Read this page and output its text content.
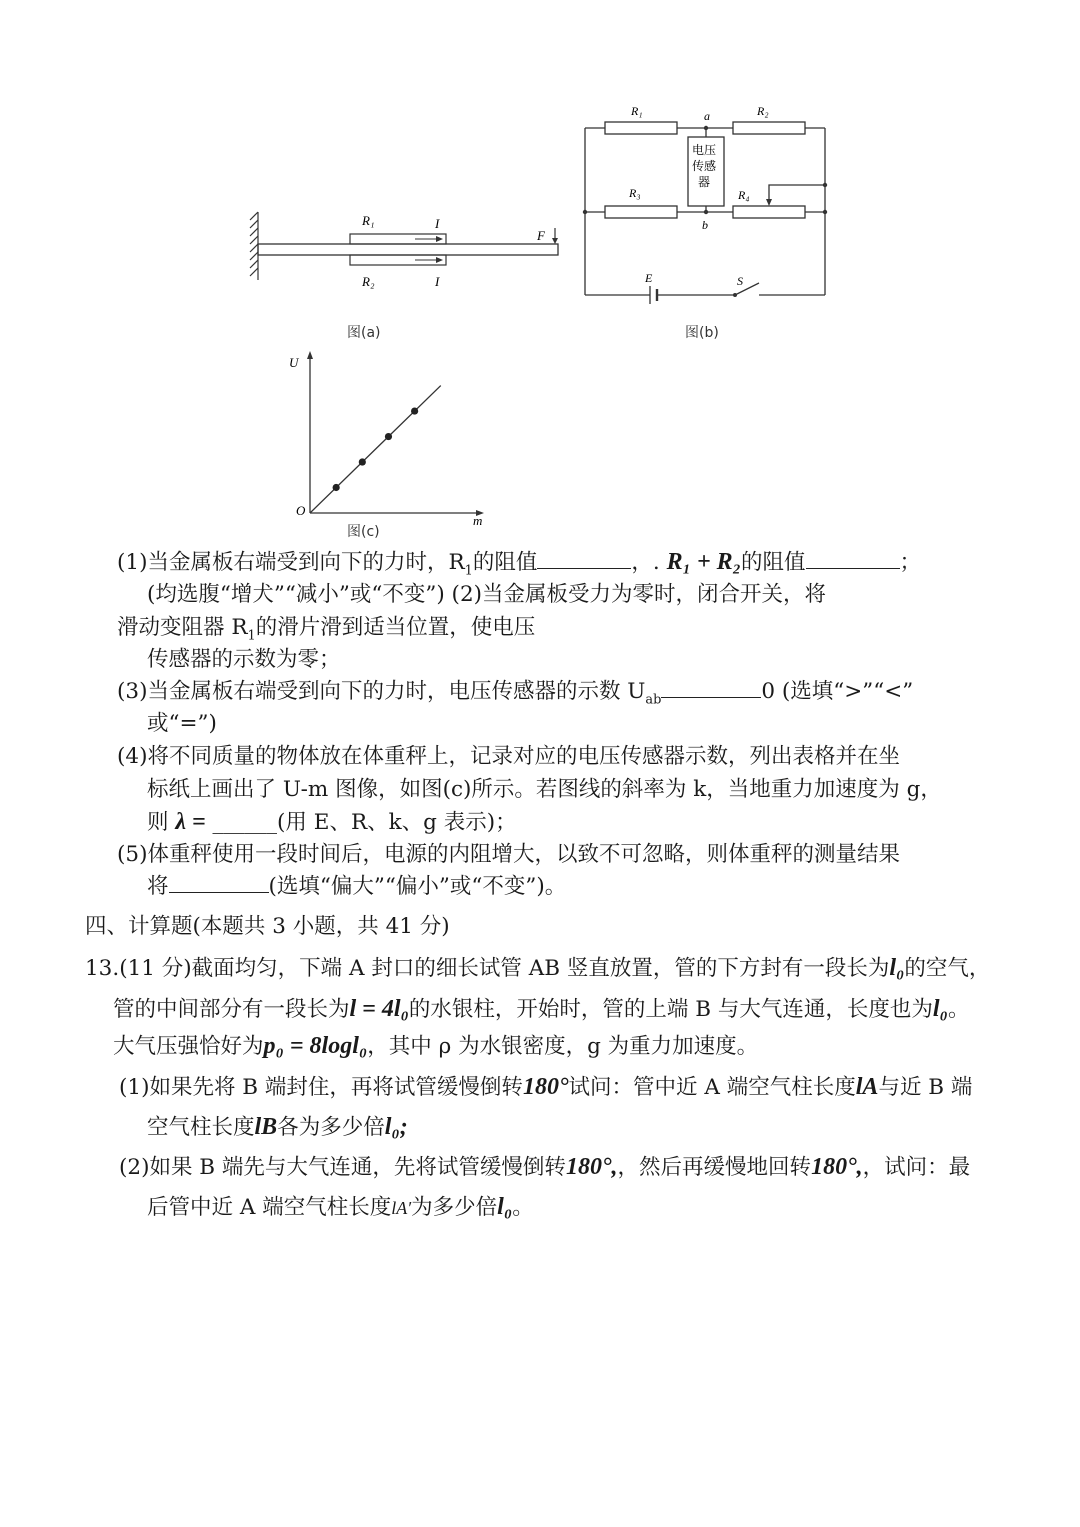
R₁	I
R₂	I
F
图(a)
R₁	a	R₂
电压
传感
器
R₃	R₄
b
E	S
图(b)
U
m
O
图(c)
(1)当金属板右端受到向下的力时，$R_1$的阻值	，. R₁ + R₂的阻值	；
(均选腹“增犬”“减小”或“不变”) (2)当金属板受力为零时，闭合开关，将
滑动变阻器 $R_1$的滑片滑到适当位置，使电压
传感器的示数为零；
(3)当金属板右端受到向下的力时，电压传感器的示数 $U_{ab}$	0 (选填“>”“<”
或“=”)
(4)将不同质量的物体放在体重秤上，记录对应的电压传感器示数，列出表格并在坐
标纸上画出了 U-m 图像，如图(c)所示。若图线的斜率为 k，当地重力加速度为 g，
则 λ = ______(用 E、R、k、g 表示)；
(5)体重秤使用一段时间后，电源的内阻增大，以致不可忽略，则体重秤的测量结果
将	(选填“偏大”“偏小”或“不变”)。
四、计算题(本题共 3 小题，共 41 分)
13.(11 分)截面均匀，下端 A 封口的细长试管 AB 竖直放置，管的下方封有一段长为l₀的空气，
管的中间部分有一段长为l = 4l₀的水银柱，开始时，管的上端 B 与大气连通，长度也为l₀。
大气压强恰好为p₀ = 8logl₀，其中 ρ 为水银密度，g 为重力加速度。
(1)如果先将 B 端封住，再将试管缓慢倒转180°试问：管中近 A 端空气柱长度lA与近 B 端
空气柱长度lB各为多少倍l₀;
(2)如果 B 端先与大气连通，先将试管缓慢倒转180°,，然后再缓慢地回转180°,，试问：最
后管中近 A 端空气柱长度lA′为多少倍l₀。
